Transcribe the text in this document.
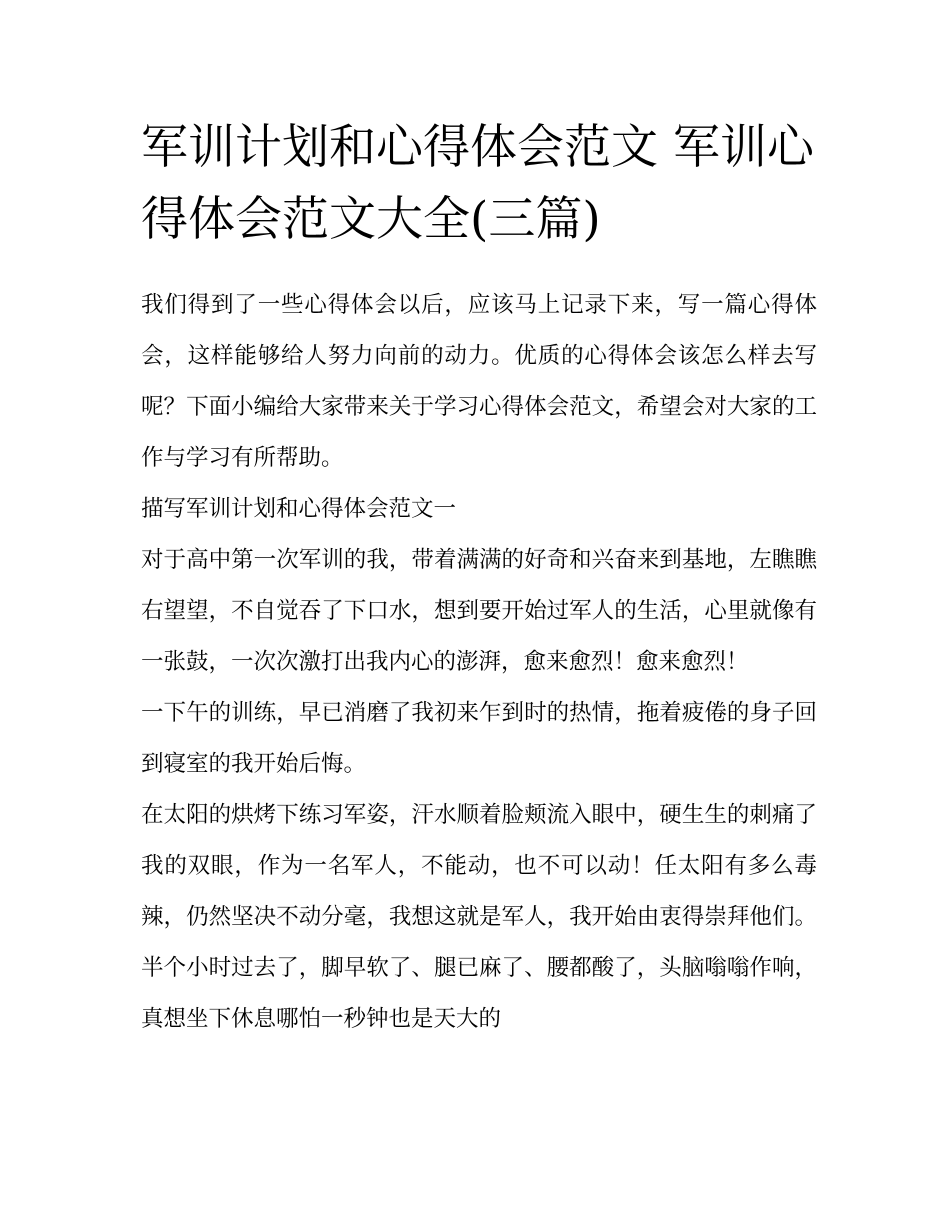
军训计划和心得体会范文 军训心得体会范文大全(三篇)

我们得到了一些心得体会以后，应该马上记录下来，写一篇心得体会，这样能够给人努力向前的动力。优质的心得体会该怎么样去写呢？下面小编给大家带来关于学习心得体会范文，希望会对大家的工作与学习有所帮助。

描写军训计划和心得体会范文一

对于高中第一次军训的我，带着满满的好奇和兴奋来到基地，左瞧瞧右望望，不自觉吞了下口水，想到要开始过军人的生活，心里就像有一张鼓，一次次激打出我内心的澎湃，愈来愈烈！愈来愈烈！

一下午的训练，早已消磨了我初来乍到时的热情，拖着疲倦的身子回到寝室的我开始后悔。

在太阳的烘烤下练习军姿，汗水顺着脸颊流入眼中，硬生生的刺痛了我的双眼，作为一名军人，不能动，也不可以动！任太阳有多么毒辣，仍然坚决不动分毫，我想这就是军人，我开始由衷得崇拜他们。半个小时过去了，脚早软了、腿已麻了、腰都酸了，头脑嗡嗡作响，真想坐下休息哪怕一秒钟也是天大的
